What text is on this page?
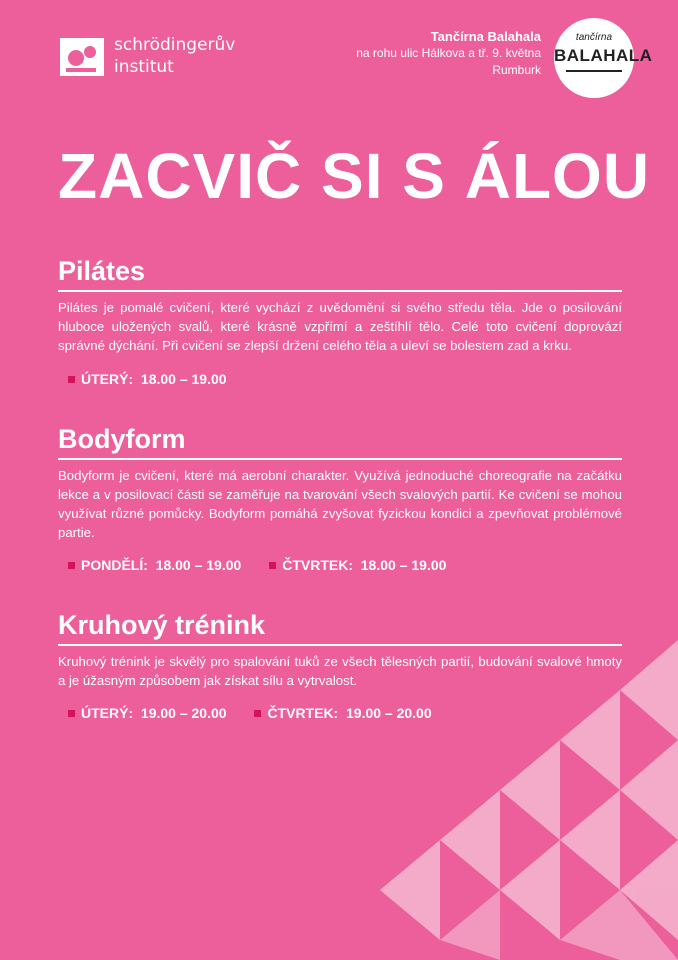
schrödingerův
institut
Tančírna Balahala
na rohu ulic Hálkova a tř. 9. května
Rumburk
tančírna
BALAHALA
ZACVIČ SI S ÁLOU
Pilátes

Pilátes je pomalé cvičení, které vychází z uvědomění si svého středu těla. Jde o posilování hluboce uložených svalů, které krásně vzpřímí a zeštíhlí tělo. Celé toto cvičení doprovází správné dýchání. Při cvičení se zlepší držení celého těla a uleví se bolestem zad a krku.

ÚTERÝ: 18.00 – 19.00
Bodyform

Bodyform je cvičení, které má aerobní charakter. Využívá jednoduché choreografie na začátku lekce a v posilovací části se zaměřuje na tvarování všech svalových partií. Ke cvičení se mohou využívat různé pomůcky. Bodyform pomáhá zvyšovat fyzickou kondici a zpevňovat problémové partie.

PONDĚLÍ: 18.00 – 19.00	ČTVRTEK: 18.00 – 19.00
Kruhový trénink

Kruhový trénink je skvělý pro spalování tuků ze všech tělesných partií, budování svalové hmoty a je úžasným způsobem jak získat sílu a vytrvalost.

ÚTERÝ: 19.00 – 20.00	ČTVRTEK: 19.00 – 20.00
